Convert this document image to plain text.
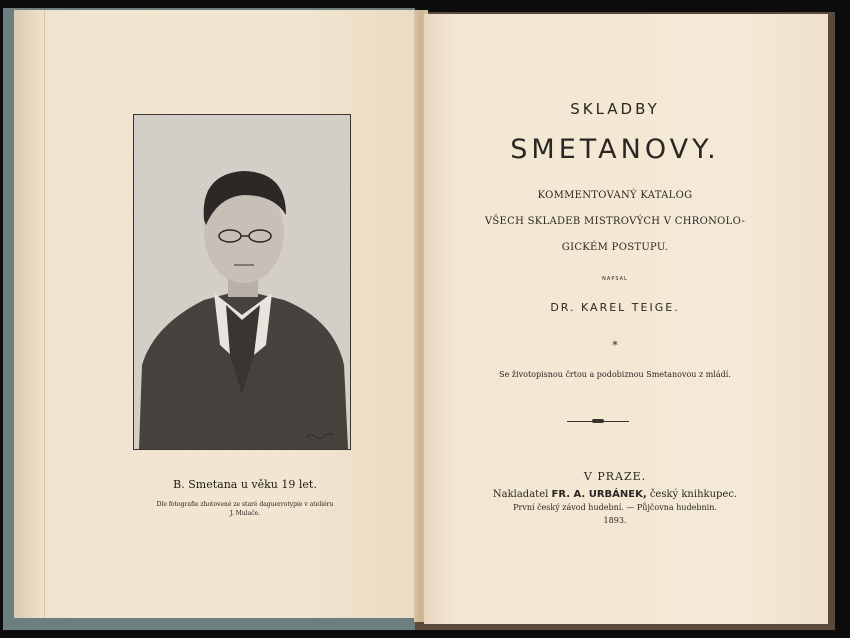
B. Smetana u věku 19 let.
Dle fotografie zhotovené ze staré daguerrotypie v ateliéru
J. Mulače.
SKLADBY
SMETANOVY.
KOMMENTOVANÝ KATALOG
VŠECH SKLADEB MISTROVÝCH V CHRONOLO-
GICKÉM POSTUPU.
NAPSAL
DR. KAREL TEIGE.
*
Se životopisnou črtou a podobiznou Smetanovou z mládí.
V PRAZE.
Nakladatel FR. A. URBÁNEK, český knihkupec.
První český závod hudební. — Půjčovna hudebnin.
1893.
